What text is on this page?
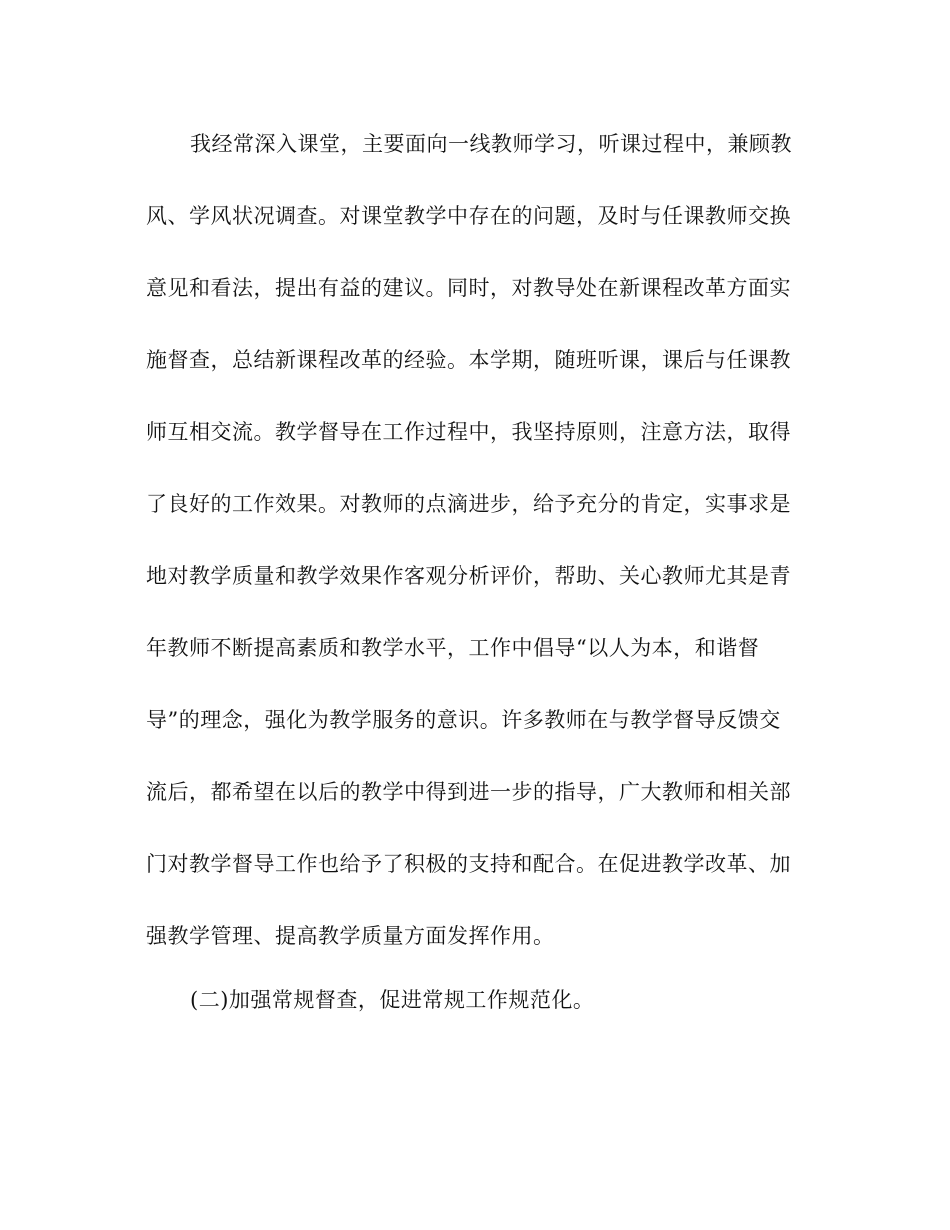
我经常深入课堂，主要面向一线教师学习，听课过程中，兼顾教
风、学风状况调查。对课堂教学中存在的问题，及时与任课教师交换
意见和看法，提出有益的建议。同时，对教导处在新课程改革方面实
施督查，总结新课程改革的经验。本学期，随班听课，课后与任课教
师互相交流。教学督导在工作过程中，我坚持原则，注意方法，取得
了良好的工作效果。对教师的点滴进步，给予充分的肯定，实事求是
地对教学质量和教学效果作客观分析评价，帮助、关心教师尤其是青
年教师不断提高素质和教学水平，工作中倡导“以人为本，和谐督
导”的理念，强化为教学服务的意识。许多教师在与教学督导反馈交
流后，都希望在以后的教学中得到进一步的指导，广大教师和相关部
门对教学督导工作也给予了积极的支持和配合。在促进教学改革、加
强教学管理、提高教学质量方面发挥作用。
(二)加强常规督查，促进常规工作规范化。
